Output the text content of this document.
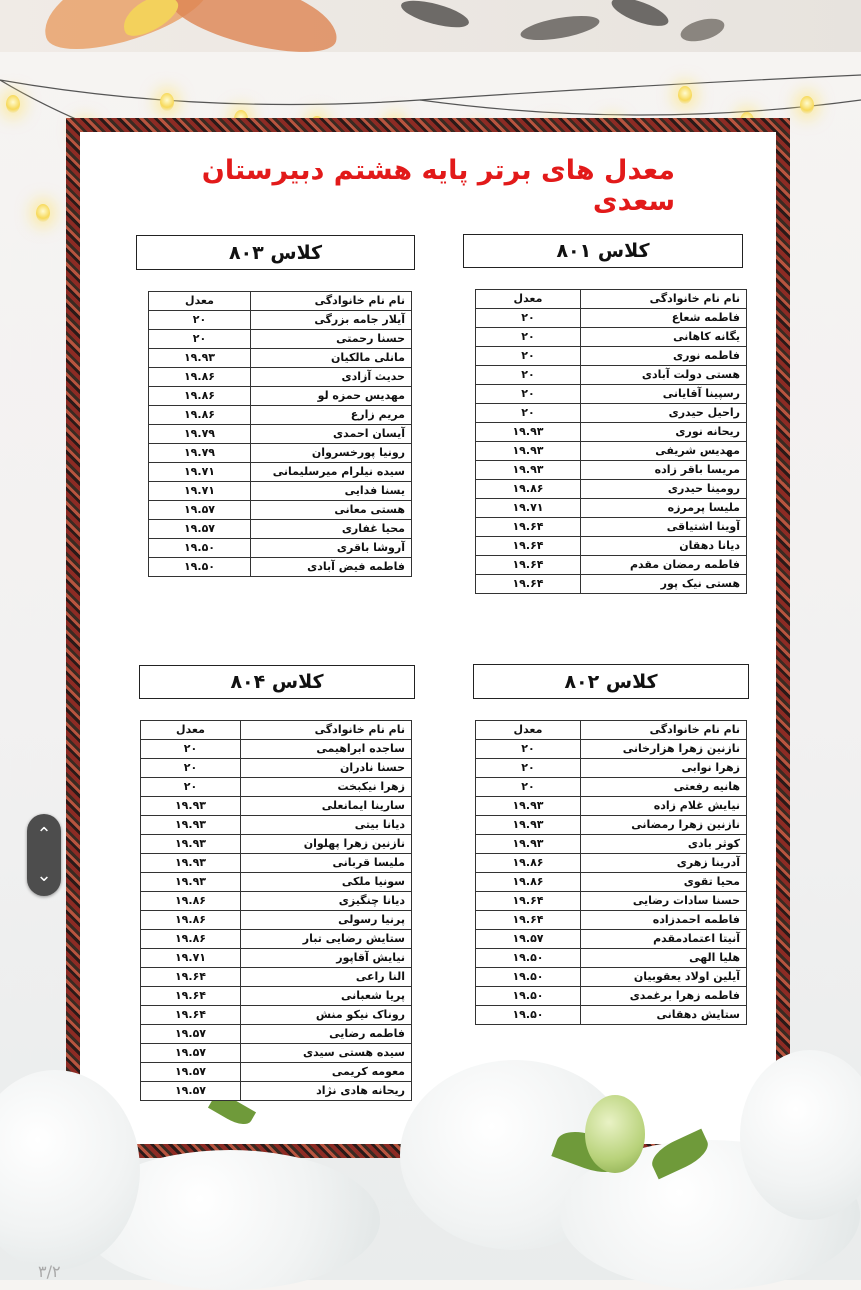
معدل های برتر پایه هشتم دبیرستان سعدی
کلاس ۸۰۱
کلاس ۸۰۳
کلاس ۸۰۲
کلاس ۸۰۴
نام نام خانوادگی	معدل
فاطمه شعاع	۲۰
یگانه کاهانی	۲۰
فاطمه نوری	۲۰
هستی دولت آبادی	۲۰
رسپینا آقایانی	۲۰
راحیل حیدری	۲۰
ریحانه نوری	۱۹.۹۳
مهدیس شریفی	۱۹.۹۳
مریسا باقر زاده	۱۹.۹۳
رومینا حیدری	۱۹.۸۶
ملیسا پرمرزه	۱۹.۷۱
آوینا اشتیاقی	۱۹.۶۴
دیانا دهقان	۱۹.۶۴
فاطمه رمضان مقدم	۱۹.۶۴
هستی نیک پور	۱۹.۶۴
نام نام خانوادگی	معدل
آیلار جامه بزرگی	۲۰
حسنا رحمتی	۲۰
مانلی مالکیان	۱۹.۹۳
حدیث آزادی	۱۹.۸۶
مهدیس حمزه لو	۱۹.۸۶
مریم زارع	۱۹.۸۶
آیسان احمدی	۱۹.۷۹
رونیا پورخسروان	۱۹.۷۹
سیده نیلرام میرسلیمانی	۱۹.۷۱
یسنا فدایی	۱۹.۷۱
هستی معانی	۱۹.۵۷
محیا غفاری	۱۹.۵۷
آروشا باقری	۱۹.۵۰
فاطمه فیض آبادی	۱۹.۵۰
نام نام خانوادگی	معدل
نازنین زهرا هزارخانی	۲۰
زهرا نوابی	۲۰
هانیه رفعتی	۲۰
نیایش غلام زاده	۱۹.۹۳
نازنین زهرا رمضانی	۱۹.۹۳
کوثر بادی	۱۹.۹۳
آدرینا زهری	۱۹.۸۶
محیا تقوی	۱۹.۸۶
حسنا سادات رضایی	۱۹.۶۴
فاطمه احمدزاده	۱۹.۶۴
آنیتا اعتمادمقدم	۱۹.۵۷
هلیا الهی	۱۹.۵۰
آیلین اولاد یعقوبیان	۱۹.۵۰
فاطمه زهرا برغمدی	۱۹.۵۰
ستایش دهقانی	۱۹.۵۰
نام نام خانوادگی	معدل
ساجده ابراهیمی	۲۰
حسنا نادران	۲۰
زهرا نیکبخت	۲۰
سارینا ایمانعلی	۱۹.۹۳
دیانا بیتی	۱۹.۹۳
نازنین زهرا پهلوان	۱۹.۹۳
ملیسا قربانی	۱۹.۹۳
سونیا ملکی	۱۹.۹۳
دیانا چنگیزی	۱۹.۸۶
پرنیا رسولی	۱۹.۸۶
ستایش رضایی تبار	۱۹.۸۶
نیایش آقاپور	۱۹.۷۱
النا راعی	۱۹.۶۴
پریا شعبانی	۱۹.۶۴
روناک نیکو منش	۱۹.۶۴
فاطمه رضایی	۱۹.۵۷
سیده هستی سیدی	۱۹.۵۷
معومه کریمی	۱۹.۵۷
ریحانه هادی نژاد	۱۹.۵۷
⌃
⌄
۳/۲
